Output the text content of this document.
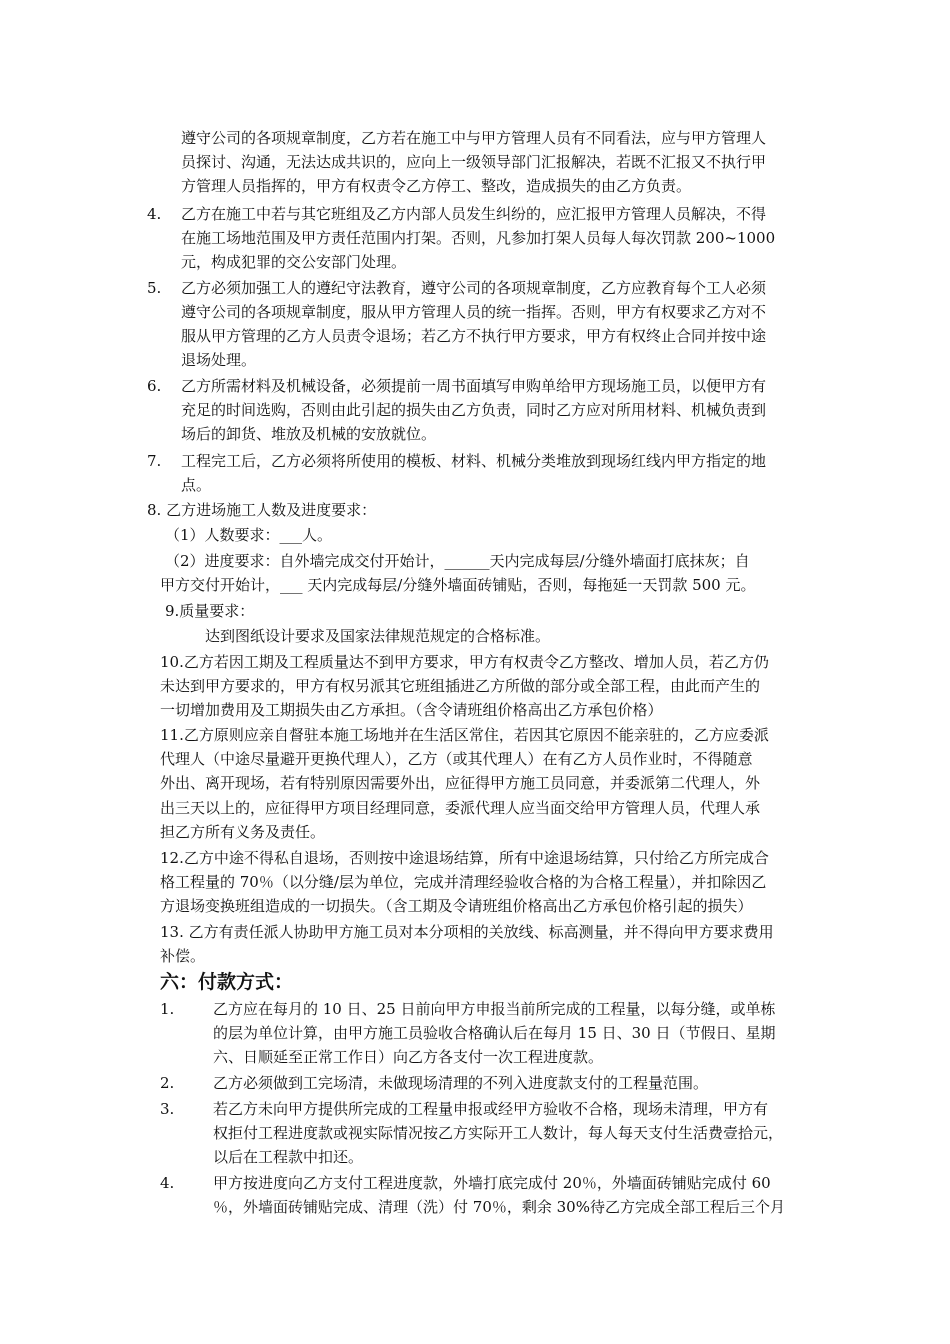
遵守公司的各项规章制度，乙方若在施工中与甲方管理人员有不同看法，应与甲方管理人
员探讨、沟通，无法达成共识的，应向上一级领导部门汇报解决，若既不汇报又不执行甲
方管理人员指挥的，甲方有权责令乙方停工、整改，造成损失的由乙方负责。
4. 乙方在施工中若与其它班组及乙方内部人员发生纠纷的，应汇报甲方管理人员解决，不得
在施工场地范围及甲方责任范围内打架。否则，凡参加打架人员每人每次罚款 200~1000
元，构成犯罪的交公安部门处理。
5. 乙方必须加强工人的遵纪守法教育，遵守公司的各项规章制度，乙方应教育每个工人必须
遵守公司的各项规章制度，服从甲方管理人员的统一指挥。否则，甲方有权要求乙方对不
服从甲方管理的乙方人员责令退场；若乙方不执行甲方要求，甲方有权终止合同并按中途
退场处理。
6. 乙方所需材料及机械设备，必须提前一周书面填写申购单给甲方现场施工员，以便甲方有
充足的时间选购，否则由此引起的损失由乙方负责，同时乙方应对所用材料、机械负责到
场后的卸货、堆放及机械的安放就位。
7. 工程完工后，乙方必须将所使用的模板、材料、机械分类堆放到现场红线内甲方指定的地
点。
8. 乙方进场施工人数及进度要求：
（1）人数要求：___人。
（2）进度要求：自外墙完成交付开始计，______天内完成每层/分缝外墙面打底抹灰；自
甲方交付开始计，___ 天内完成每层/分缝外墙面砖铺贴，否则，每拖延一天罚款 500 元。
9.质量要求：
达到图纸设计要求及国家法律规范规定的合格标准。
10.乙方若因工期及工程质量达不到甲方要求，甲方有权责令乙方整改、增加人员，若乙方仍
未达到甲方要求的，甲方有权另派其它班组插进乙方所做的部分或全部工程，由此而产生的
一切增加费用及工期损失由乙方承担。（含令请班组价格高出乙方承包价格）
11.乙方原则应亲自督驻本施工场地并在生活区常住，若因其它原因不能亲驻的，乙方应委派
代理人（中途尽量避开更换代理人），乙方（或其代理人）在有乙方人员作业时，不得随意
外出、离开现场，若有特别原因需要外出，应征得甲方施工员同意，并委派第二代理人，外
出三天以上的，应征得甲方项目经理同意，委派代理人应当面交给甲方管理人员，代理人承
担乙方所有义务及责任。
12.乙方中途不得私自退场，否则按中途退场结算，所有中途退场结算，只付给乙方所完成合
格工程量的 70％（以分缝/层为单位，完成并清理经验收合格的为合格工程量），并扣除因乙
方退场变换班组造成的一切损失。（含工期及令请班组价格高出乙方承包价格引起的损失）
13. 乙方有责任派人协助甲方施工员对本分项相的关放线、标高测量，并不得向甲方要求费用
补偿。
六：付款方式：
1.	乙方应在每月的 10 日、25 日前向甲方申报当前所完成的工程量，以每分缝，或单栋
的层为单位计算，由甲方施工员验收合格确认后在每月 15 日、30 日（节假日、星期
六、日顺延至正常工作日）向乙方各支付一次工程进度款。
2.	乙方必须做到工完场清，未做现场清理的不列入进度款支付的工程量范围。
3.	若乙方未向甲方提供所完成的工程量申报或经甲方验收不合格，现场未清理，甲方有
权拒付工程进度款或视实际情况按乙方实际开工人数计，每人每天支付生活费壹拾元，
以后在工程款中扣还。
4.	甲方按进度向乙方支付工程进度款，外墙打底完成付 20％，外墙面砖铺贴完成付 60
％，外墙面砖铺贴完成、清理（洗）付 70％，剩余 30%待乙方完成全部工程后三个月
